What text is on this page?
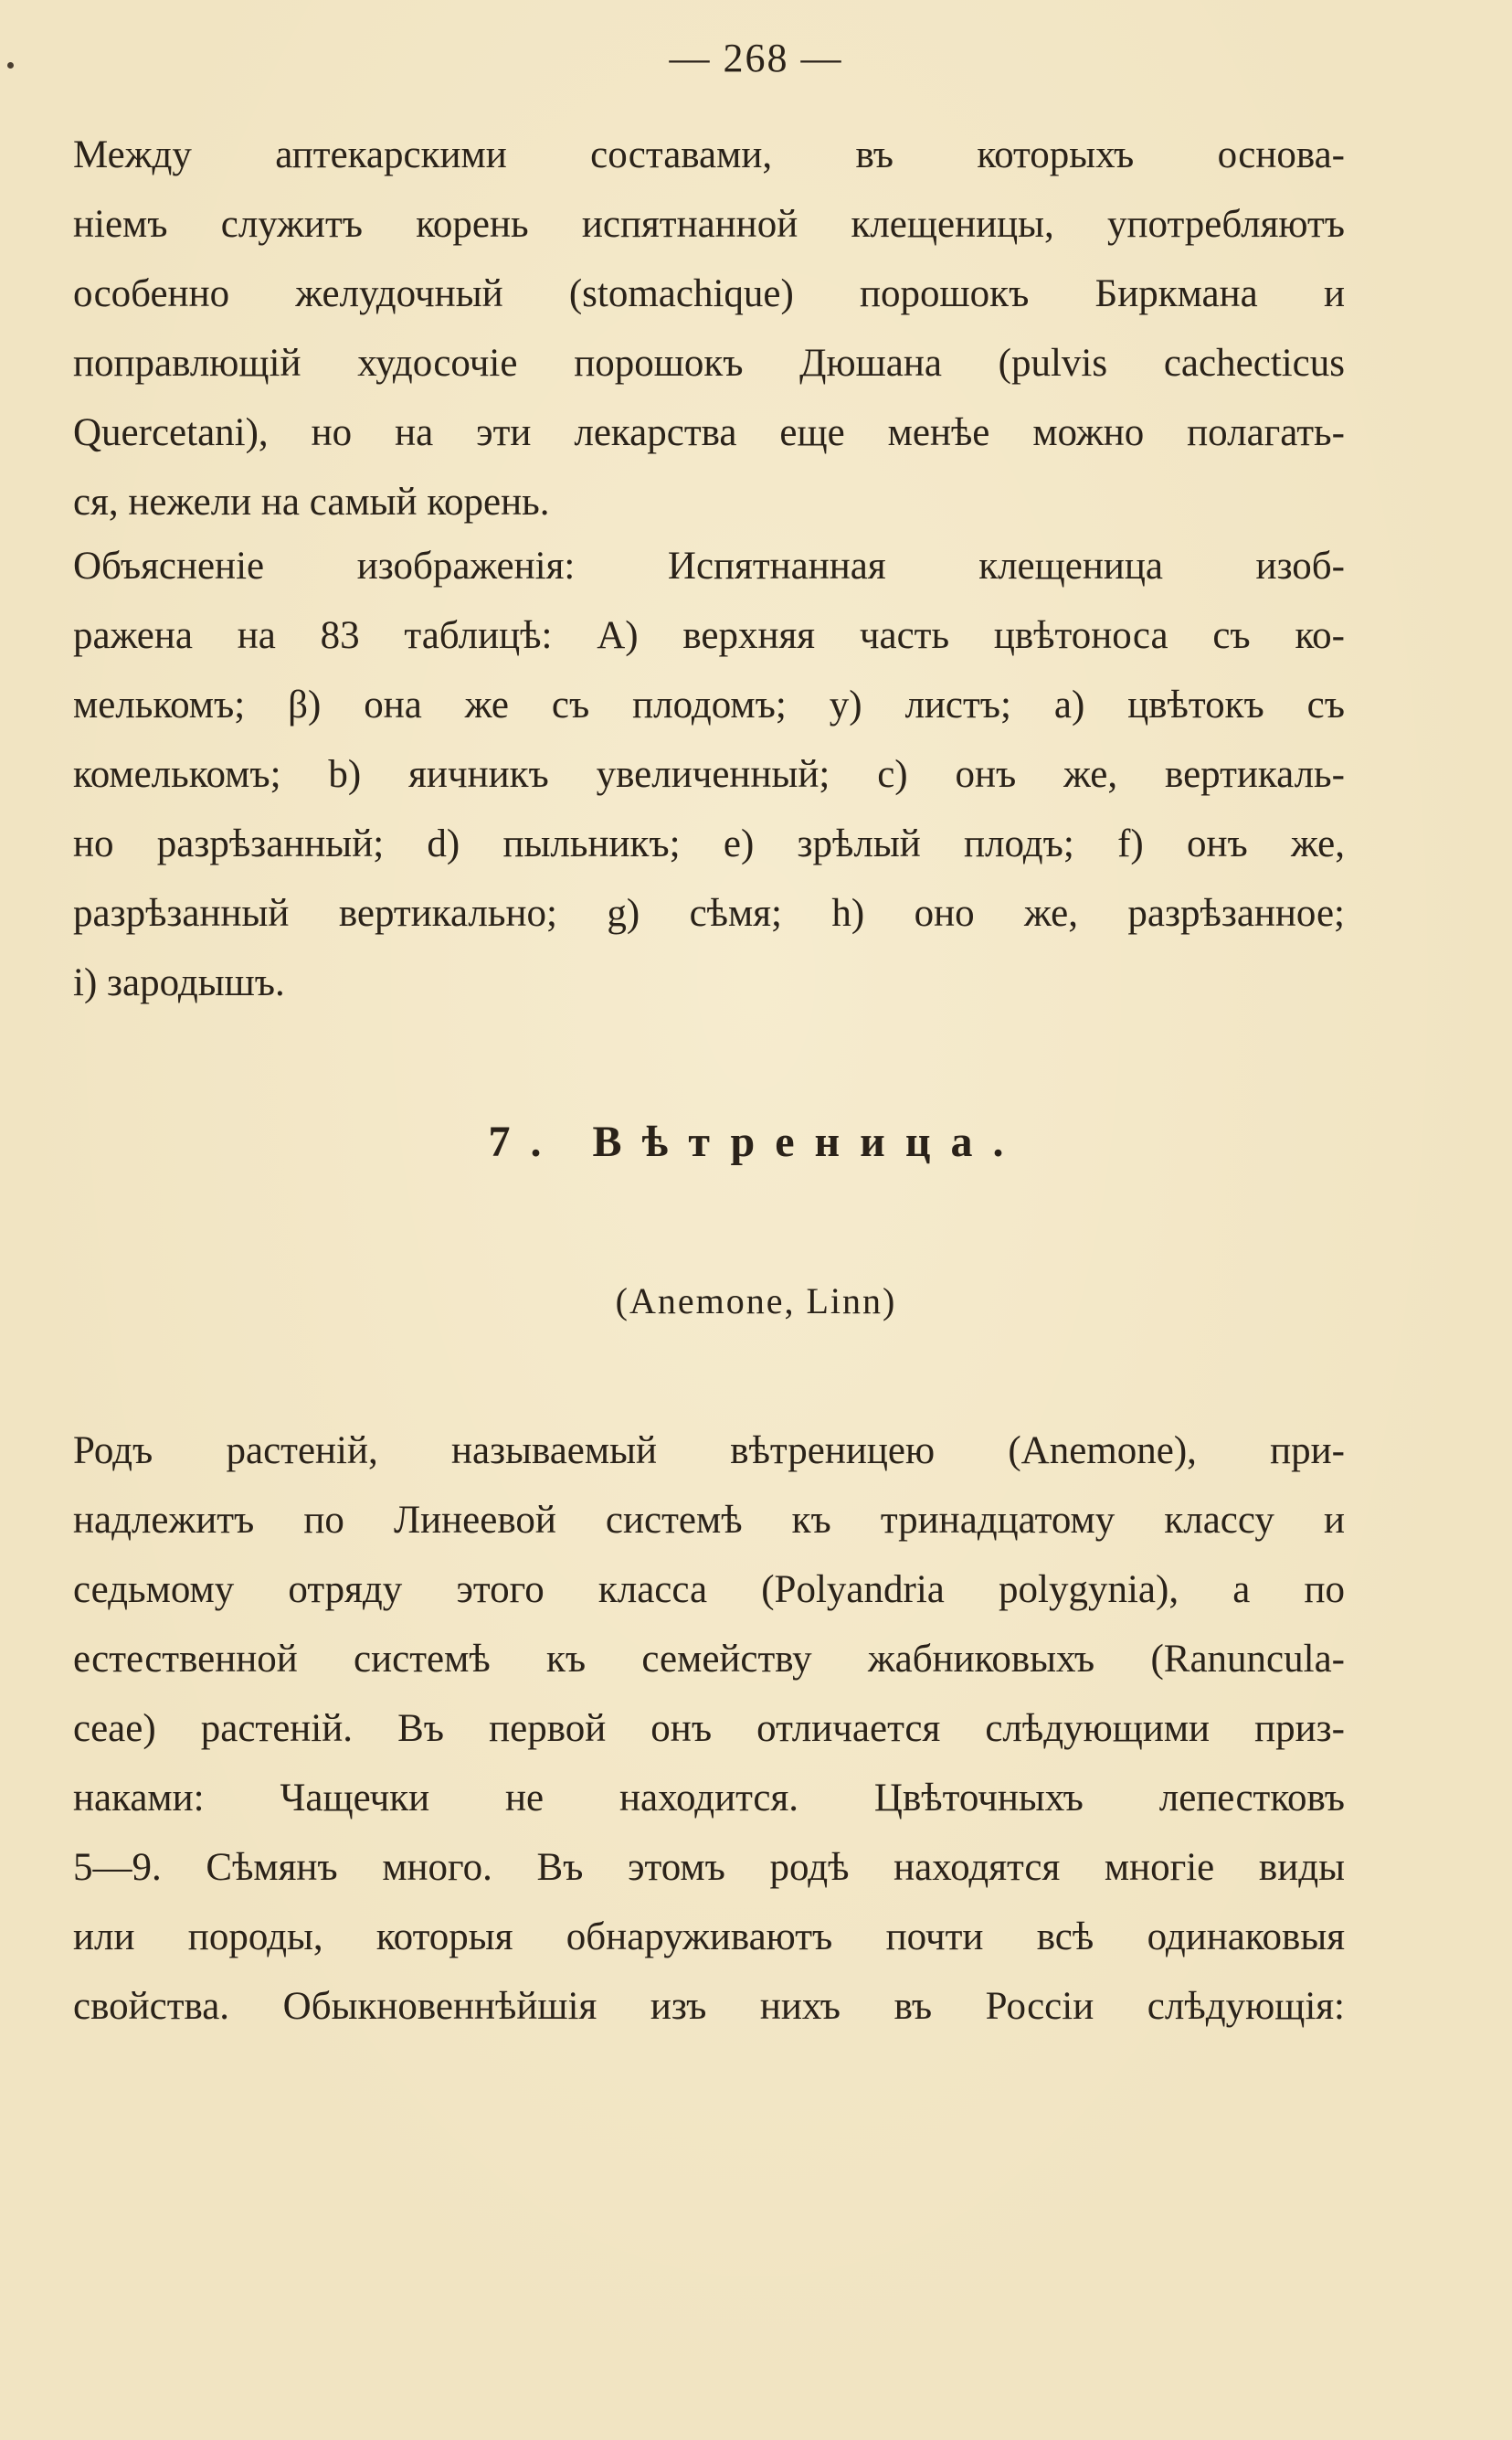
— 268 —
Между аптекарскими составами, въ которыхъ основа-
ніемъ служитъ корень испятнанной клещеницы, употребляютъ
особенно желудочный (stomachique) порошокъ Биркмана и
поправлющій худосочіе порошокъ Дюшана (pulvis cachecticus
Quercetani), но на эти лекарства еще менѣе можно полагать-
ся, нежели на самый корень.
Объясненіе изображенія: Испятнанная клещеница изоб-
ражена на 83 таблицѣ: А) верхняя часть цвѣтоноса съ ко-
мелькомъ; β) она же съ плодомъ; у) листъ; а) цвѣтокъ съ
комелькомъ; b) яичникъ увеличенный; c) онъ же, вертикаль-
но разрѣзанный; d) пыльникъ; e) зрѣлый плодъ; f) онъ же,
разрѣзанный вертикально; g) сѣмя; h) оно же, разрѣзанное;
i) зародышъ.
7. Вѣтреница.
(Anemone, Linn)
Родъ растеній, называемый вѣтреницею (Anemone), при-
надлежитъ по Линеевой системѣ къ тринадцатому классу и
седьмому отряду этого класса (Polyandria polygynia), а по
естественной системѣ къ семейству жабниковыхъ (Ranuncula-
ceae) растеній. Въ первой онъ отличается слѣдующими приз-
наками: Чащечки не находится. Цвѣточныхъ лепестковъ
5—9. Сѣмянъ много. Въ этомъ родѣ находятся многіе виды
или породы, которыя обнаруживаютъ почти всѣ одинаковыя
свойства. Обыкновеннѣйшія изъ нихъ въ Россіи слѣдующія:
